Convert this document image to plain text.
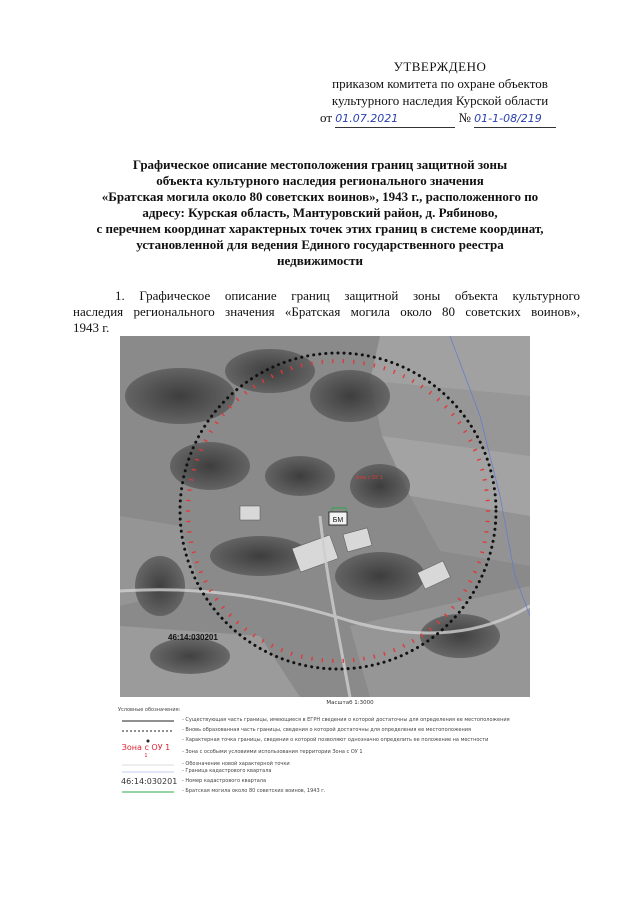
УТВЕРЖДЕНО
приказом комитета по охране объектов
культурного наследия Курской области
от 01.07.2021	№ 01-1-08/219
Графическое описание местоположения границ защитной зоны
объекта культурного наследия регионального значения
«Братская могила около 80 советских воинов», 1943 г., расположенного по
адресу: Курская область, Мантуровский район, д. Рябиново,
с перечнем координат характерных точек этих границ в системе координат,
установленной для ведения Единого государственного реестра
недвижимости
1. Графическое описание границ защитной зоны объекта культурного
наследия регионального значения «Братская могила около 80 советских воинов»,
1943 г.
БМ
Зона с ОУ 1
46:14:030201
Масштаб 1:3000
Условные обозначения:
- Существующая часть границы, имеющиеся в ЕГРН сведения о которой достаточны для определения ее местоположения
- Вновь образованная часть границы, сведения о которой достаточны для определения ее местоположения
- Характерная точка границы, сведения о которой позволяют однозначно определить ее положение на местности
Зона с ОУ 1
1
- Зона с особыми условиями использования территории Зона с ОУ 1
- Обозначение новой характерной точки
- Граница кадастрового квартала
46:14:030201 - Номер кадастрового квартала
- Братская могила около 80 советских воинов, 1943 г.
